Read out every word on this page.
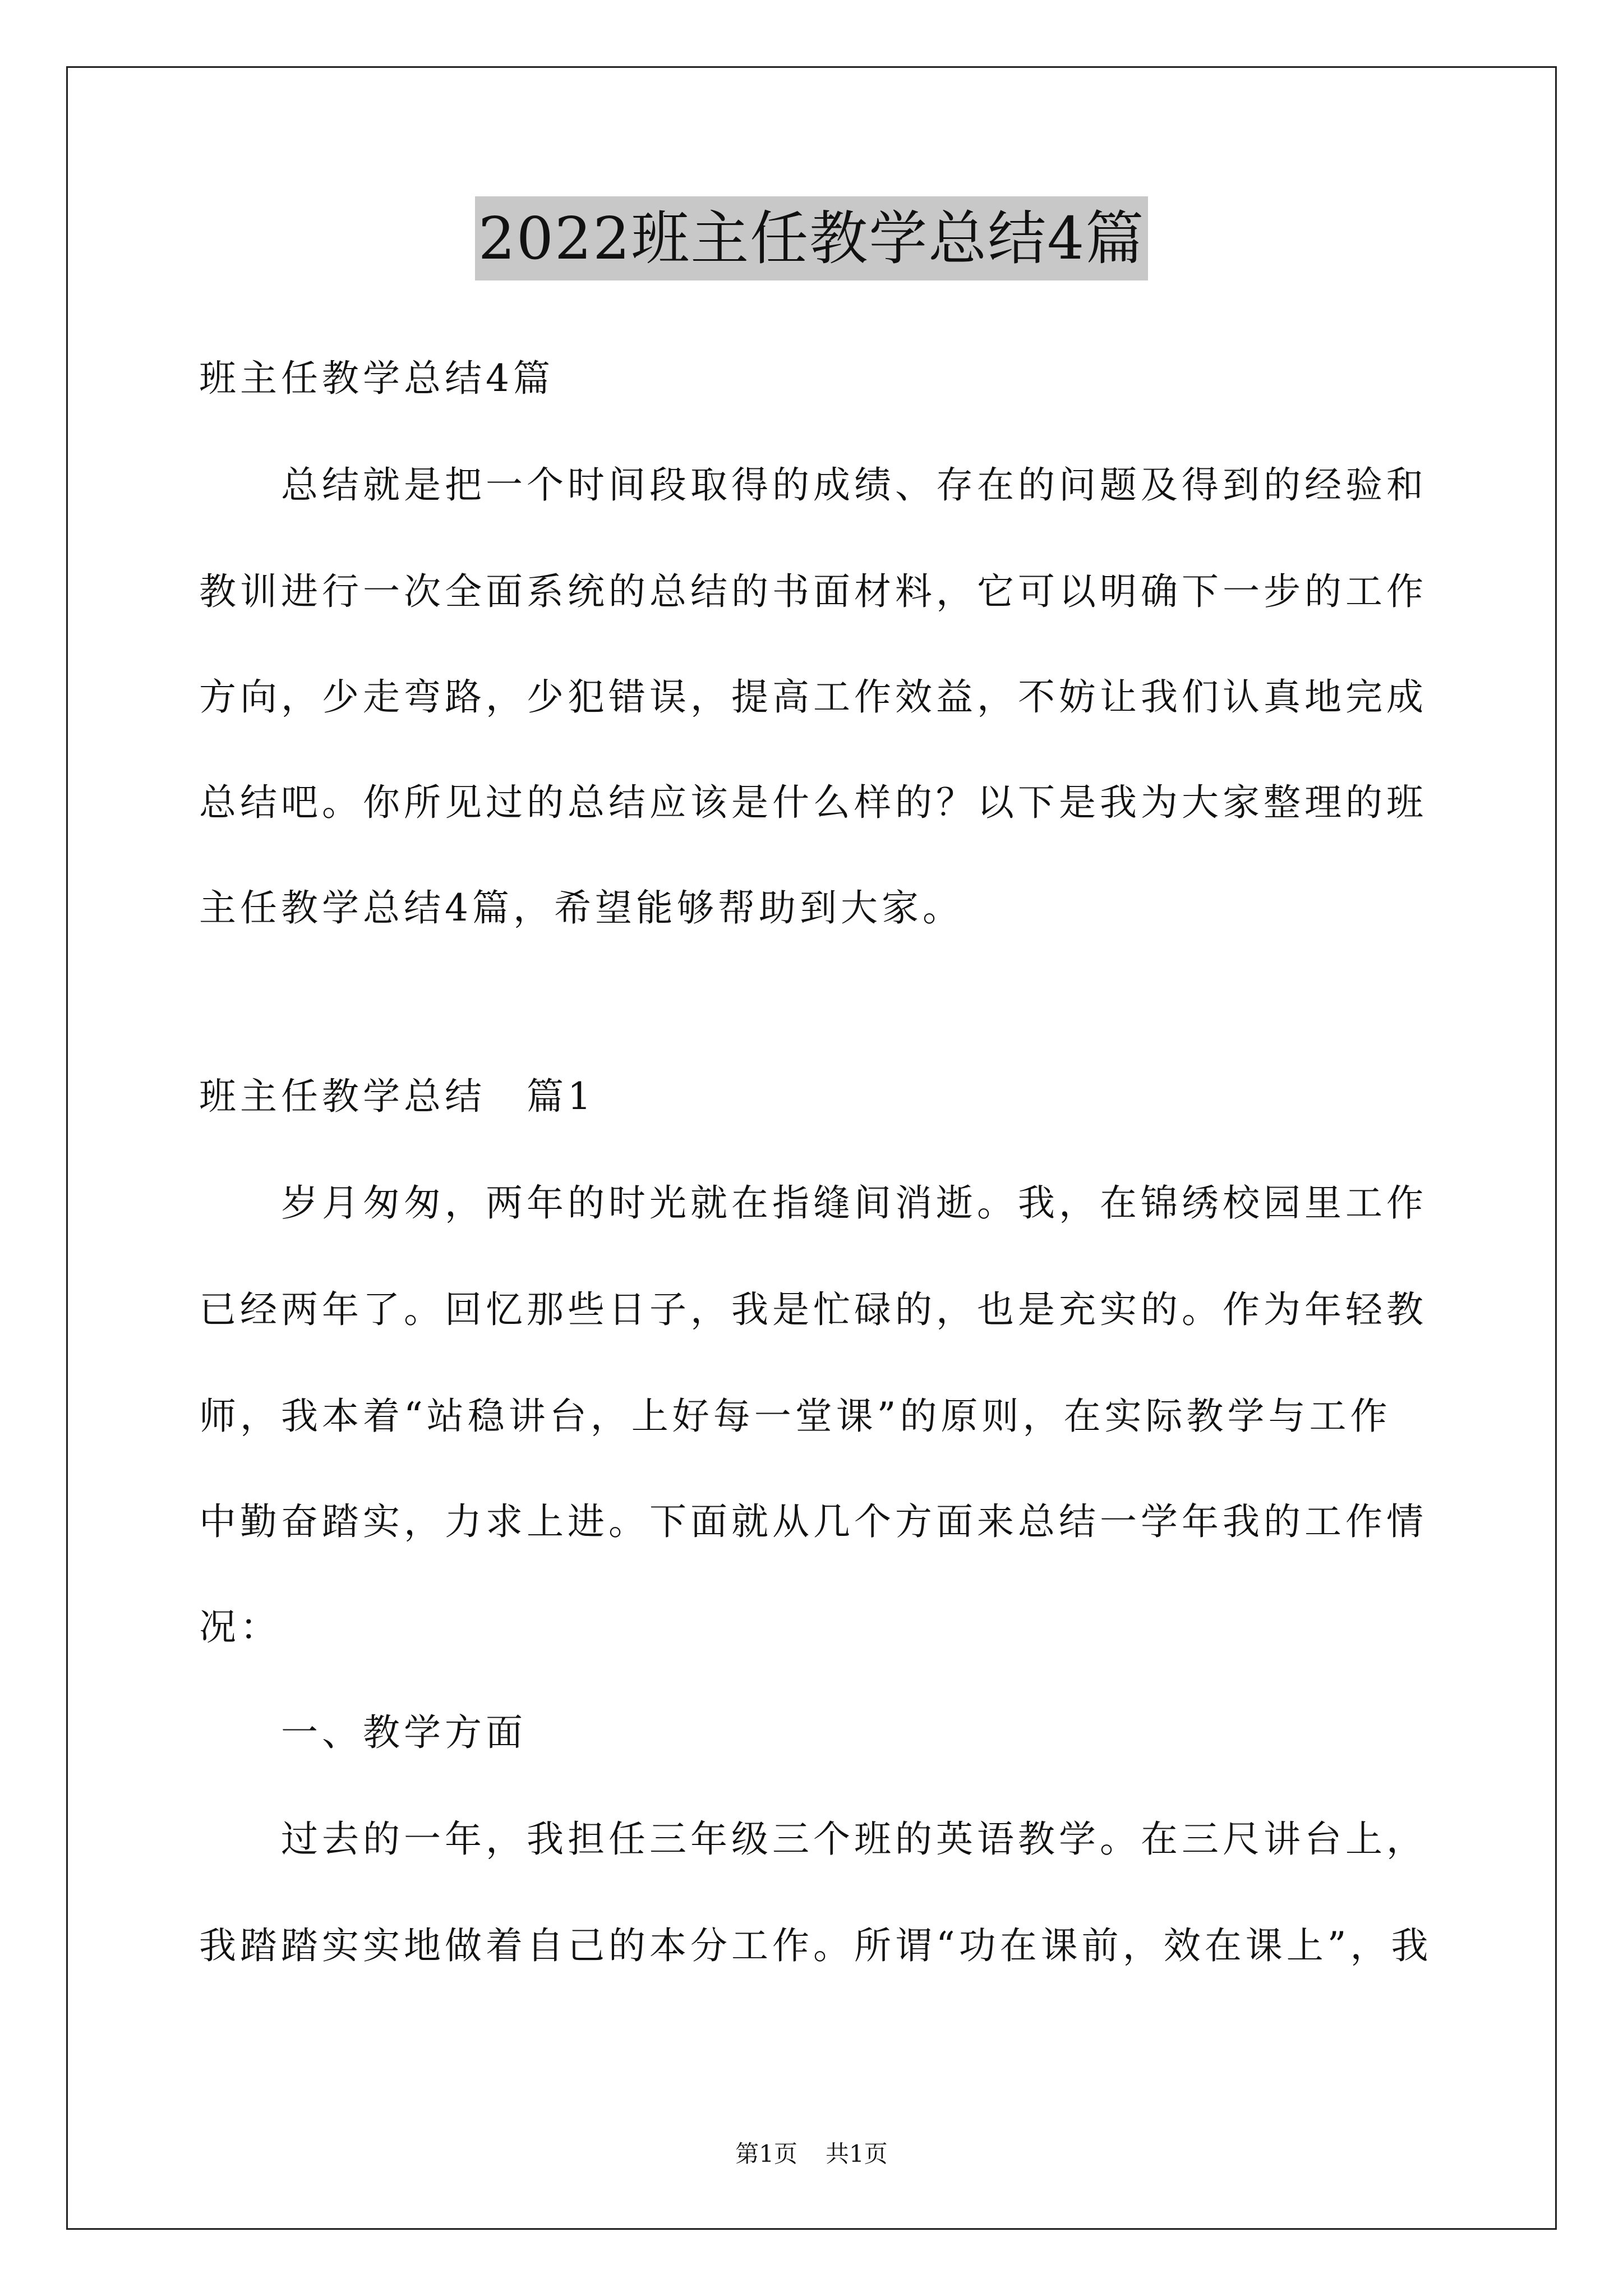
2022班主任教学总结4篇
班主任教学总结4篇
　　总结就是把一个时间段取得的成绩、存在的问题及得到的经验和
教训进行一次全面系统的总结的书面材料，它可以明确下一步的工作
方向，少走弯路，少犯错误，提高工作效益，不妨让我们认真地完成
总结吧。你所见过的总结应该是什么样的？以下是我为大家整理的班
主任教学总结4篇，希望能够帮助到大家。
班主任教学总结　篇1
　　岁月匆匆，两年的时光就在指缝间消逝。我，在锦绣校园里工作
已经两年了。回忆那些日子，我是忙碌的，也是充实的。作为年轻教
师，我本着“站稳讲台，上好每一堂课”的原则，在实际教学与工作
中勤奋踏实，力求上进。下面就从几个方面来总结一学年我的工作情
况：
　　一、教学方面
　　过去的一年，我担任三年级三个班的英语教学。在三尺讲台上，
我踏踏实实地做着自己的本分工作。所谓“功在课前，效在课上”，我
第1页 共1页
